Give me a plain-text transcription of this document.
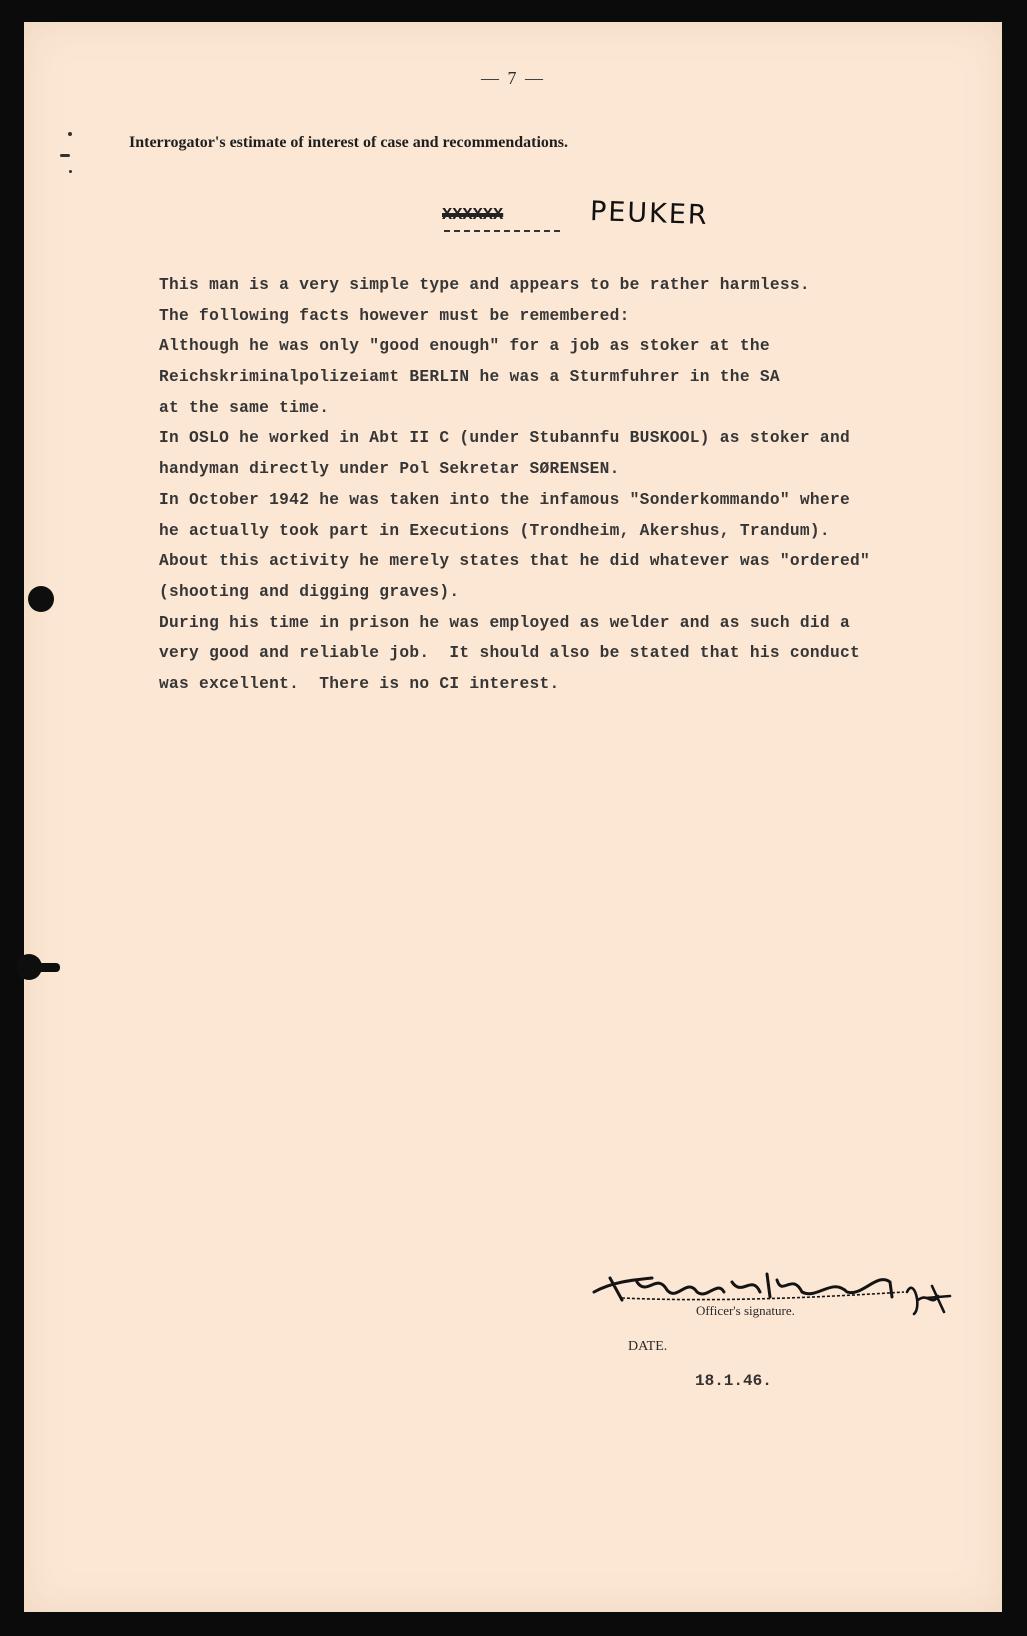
— 7 —
Interrogator's estimate of interest of case and recommendations.
XXXXXX	PEUKER
This man is a very simple type and appears to be rather harmless.
The following facts however must be remembered:
Although he was only "good enough" for a job as stoker at the
Reichskriminalpolizeiamt BERLIN he was a Sturmfuhrer in the SA
at the same time.
In OSLO he worked in Abt II C (under Stubannfu BUSKOOL) as stoker and
handyman directly under Pol Sekretar SØRENSEN.
In October 1942 he was taken into the infamous "Sonderkommando" where
he actually took part in Executions (Trondheim, Akershus, Trandum).
About this activity he merely states that he did whatever was "ordered"
(shooting and digging graves).
During his time in prison he was employed as welder and as such did a
very good and reliable job.  It should also be stated that his conduct
was excellent.  There is no CI interest.
Officer's signature.
DATE.
18.1.46.
